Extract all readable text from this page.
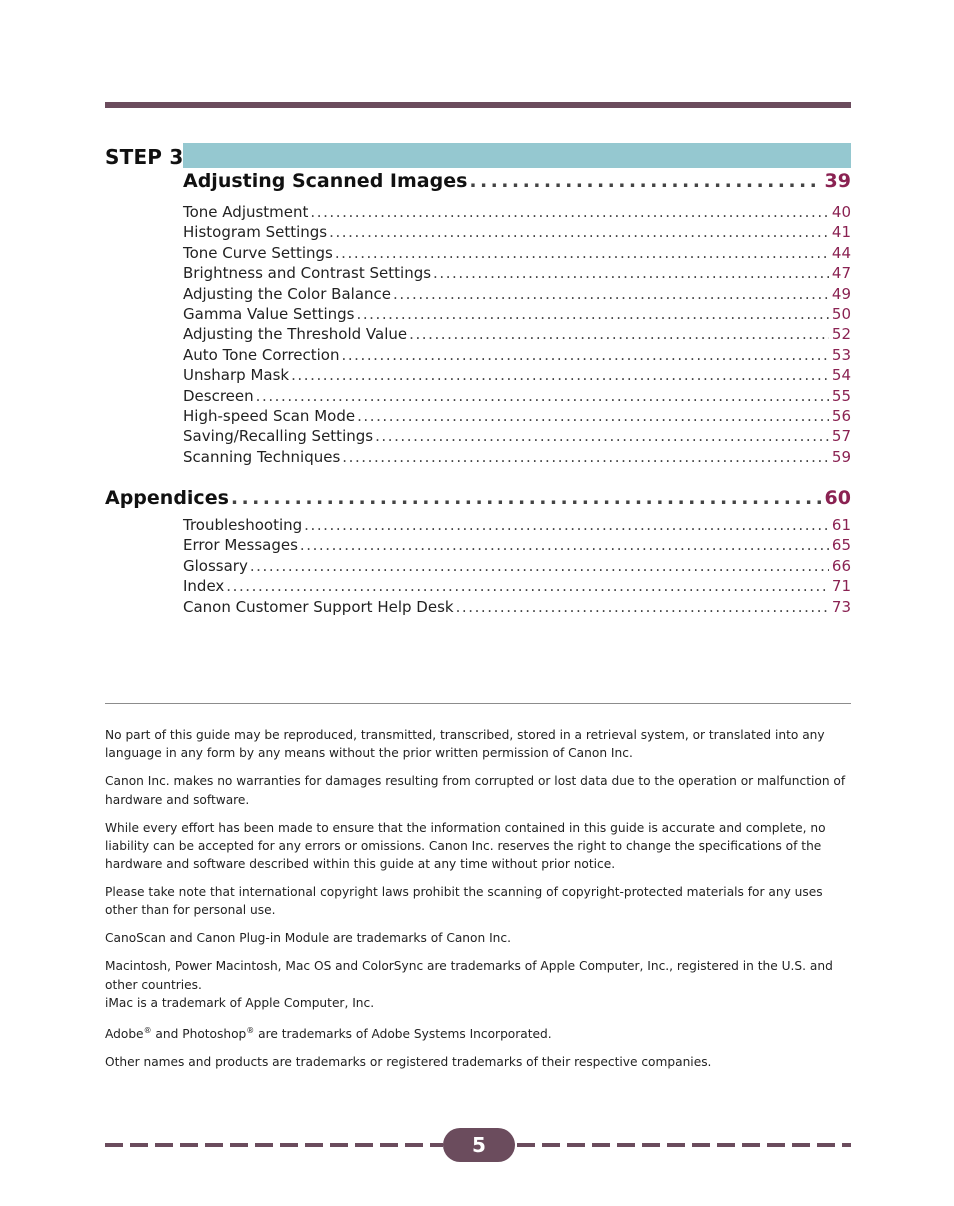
STEP 3
Adjusting Scanned Images . . .	39
Tone Adjustment . . .	40
Histogram Settings . . .	41
Tone Curve Settings . . .	44
Brightness and Contrast Settings . . .	47
Adjusting the Color Balance . . .	49
Gamma Value Settings . . .	50
Adjusting the Threshold Value . . .	52
Auto Tone Correction . . .	53
Unsharp Mask . . .	54
Descreen . . .	55
High-speed Scan Mode . . .	56
Saving/Recalling Settings . . .	57
Scanning Techniques . . .	59
Appendices . . .	60
Troubleshooting . . .	61
Error Messages . . .	65
Glossary . . .	66
Index . . .	71
Canon Customer Support Help Desk . . .	73

No part of this guide may be reproduced, transmitted, transcribed, stored in a retrieval system, or translated into any language in any form by any means without the prior written permission of Canon Inc.

Canon Inc. makes no warranties for damages resulting from corrupted or lost data due to the operation or malfunction of hardware and software.

While every effort has been made to ensure that the information contained in this guide is accurate and complete, no liability can be accepted for any errors or omissions. Canon Inc. reserves the right to change the specifications of the hardware and software described within this guide at any time without prior notice.

Please take note that international copyright laws prohibit the scanning of copyright-protected materials for any uses other than for personal use.

CanoScan and Canon Plug-in Module are trademarks of Canon Inc.

Macintosh, Power Macintosh, Mac OS and ColorSync are trademarks of Apple Computer, Inc., registered in the U.S. and other countries.
iMac is a trademark of Apple Computer, Inc.

Adobe® and Photoshop® are trademarks of Adobe Systems Incorporated.

Other names and products are trademarks or registered trademarks of their respective companies.

5
